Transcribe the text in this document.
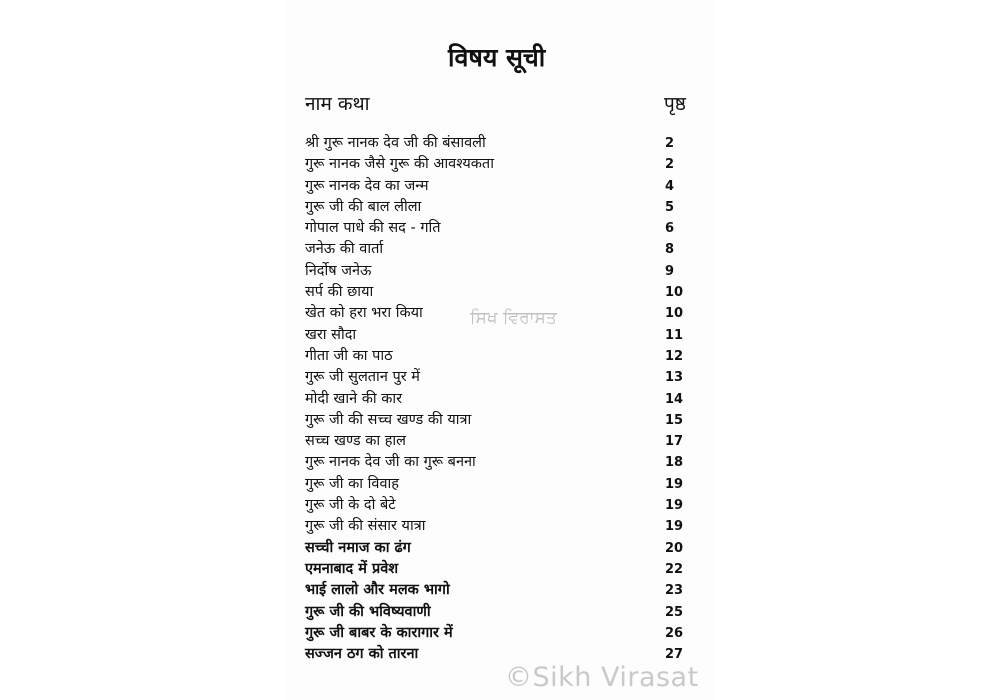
विषय सूची
नाम कथा	पृष्ठ
श्री गुरू नानक देव जी की बंसावली	2
गुरू नानक जैसे गुरू की आवश्यकता	2
गुरू नानक देव का जन्म	4
गुरू जी की बाल लीला	5
गोपाल पाधे की सद - गति	6
जनेऊ की वार्ता	8
निर्दोष जनेऊ	9
सर्प की छाया	10
खेत को हरा भरा किया	10
खरा सौदा	11
गीता जी का पाठ	12
गुरू जी सुलतान पुर में	13
मोदी खाने की कार	14
गुरू जी की सच्च खण्ड की यात्रा	15
सच्च खण्ड का हाल	17
गुरू नानक देव जी का गुरू बनना	18
गुरू जी का विवाह	19
गुरू जी के दो बेटे	19
गुरू जी की संसार यात्रा	19
सच्ची नमाज का ढंग	20
एमनाबाद में प्रवेश	22
भाई लालो और मलक भागो	23
गुरू जी की भविष्यवाणी	25
गुरू जी बाबर के कारागार में	26
सज्जन ठग को तारना	27
ਸਿਖ ਵਿਰਾਸਤ
©Sikh Virasat
